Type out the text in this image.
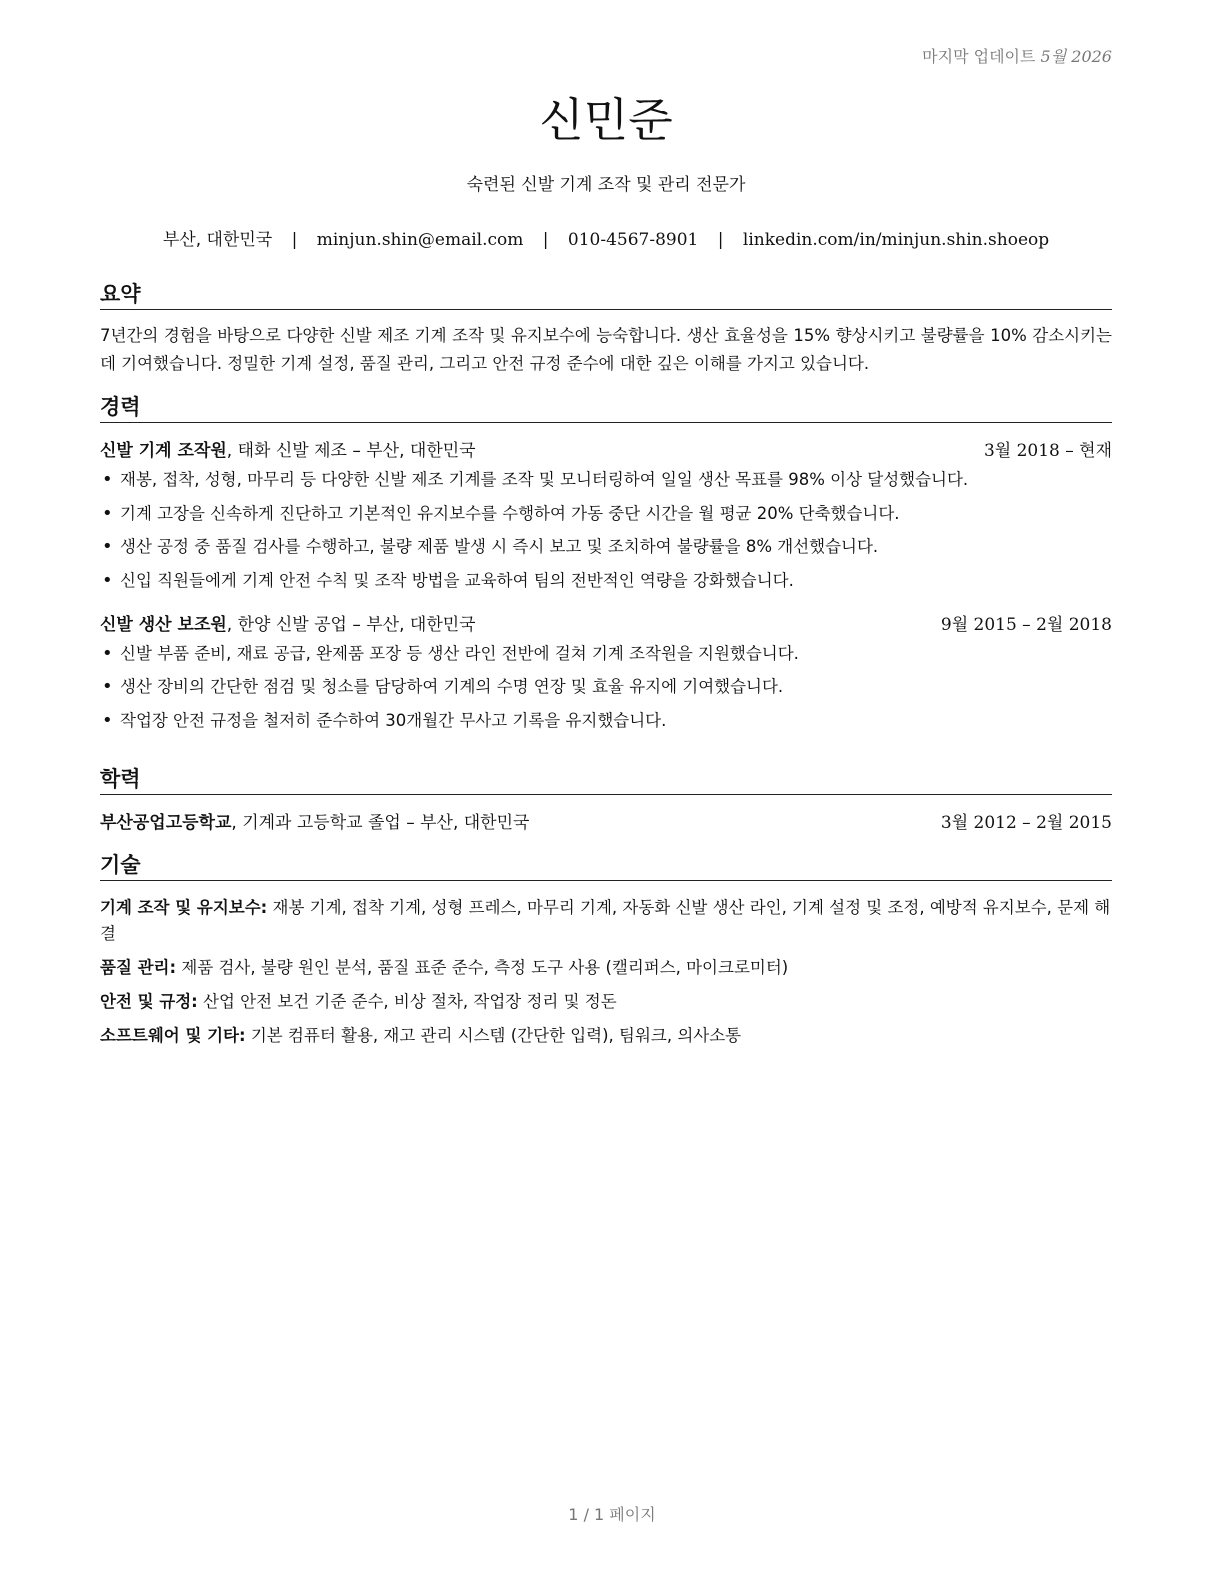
마지막 업데이트 5월 2026
신민준
숙련된 신발 기계 조작 및 관리 전문가
부산, 대한민국 | minjun.shin@email.com | 010-4567-8901 | linkedin.com/in/minjun.shin.shoeop
요약
7년간의 경험을 바탕으로 다양한 신발 제조 기계 조작 및 유지보수에 능숙합니다. 생산 효율성을 15% 향상시키고 불량률을 10% 감소시키는 데 기여했습니다. 정밀한 기계 설정, 품질 관리, 그리고 안전 규정 준수에 대한 깊은 이해를 가지고 있습니다.
경력
신발 기계 조작원, 태화 신발 제조 – 부산, 대한민국	3월 2018 – 현재
• 재봉, 접착, 성형, 마무리 등 다양한 신발 제조 기계를 조작 및 모니터링하여 일일 생산 목표를 98% 이상 달성했습니다.
• 기계 고장을 신속하게 진단하고 기본적인 유지보수를 수행하여 가동 중단 시간을 월 평균 20% 단축했습니다.
• 생산 공정 중 품질 검사를 수행하고, 불량 제품 발생 시 즉시 보고 및 조치하여 불량률을 8% 개선했습니다.
• 신입 직원들에게 기계 안전 수칙 및 조작 방법을 교육하여 팀의 전반적인 역량을 강화했습니다.
신발 생산 보조원, 한양 신발 공업 – 부산, 대한민국	9월 2015 – 2월 2018
• 신발 부품 준비, 재료 공급, 완제품 포장 등 생산 라인 전반에 걸쳐 기계 조작원을 지원했습니다.
• 생산 장비의 간단한 점검 및 청소를 담당하여 기계의 수명 연장 및 효율 유지에 기여했습니다.
• 작업장 안전 규정을 철저히 준수하여 30개월간 무사고 기록을 유지했습니다.
학력
부산공업고등학교, 기계과 고등학교 졸업 – 부산, 대한민국	3월 2012 – 2월 2015
기술
기계 조작 및 유지보수: 재봉 기계, 접착 기계, 성형 프레스, 마무리 기계, 자동화 신발 생산 라인, 기계 설정 및 조정, 예방적 유지보수, 문제 해결
품질 관리: 제품 검사, 불량 원인 분석, 품질 표준 준수, 측정 도구 사용 (캘리퍼스, 마이크로미터)
안전 및 규정: 산업 안전 보건 기준 준수, 비상 절차, 작업장 정리 및 정돈
소프트웨어 및 기타: 기본 컴퓨터 활용, 재고 관리 시스템 (간단한 입력), 팀워크, 의사소통
1 / 1 페이지
